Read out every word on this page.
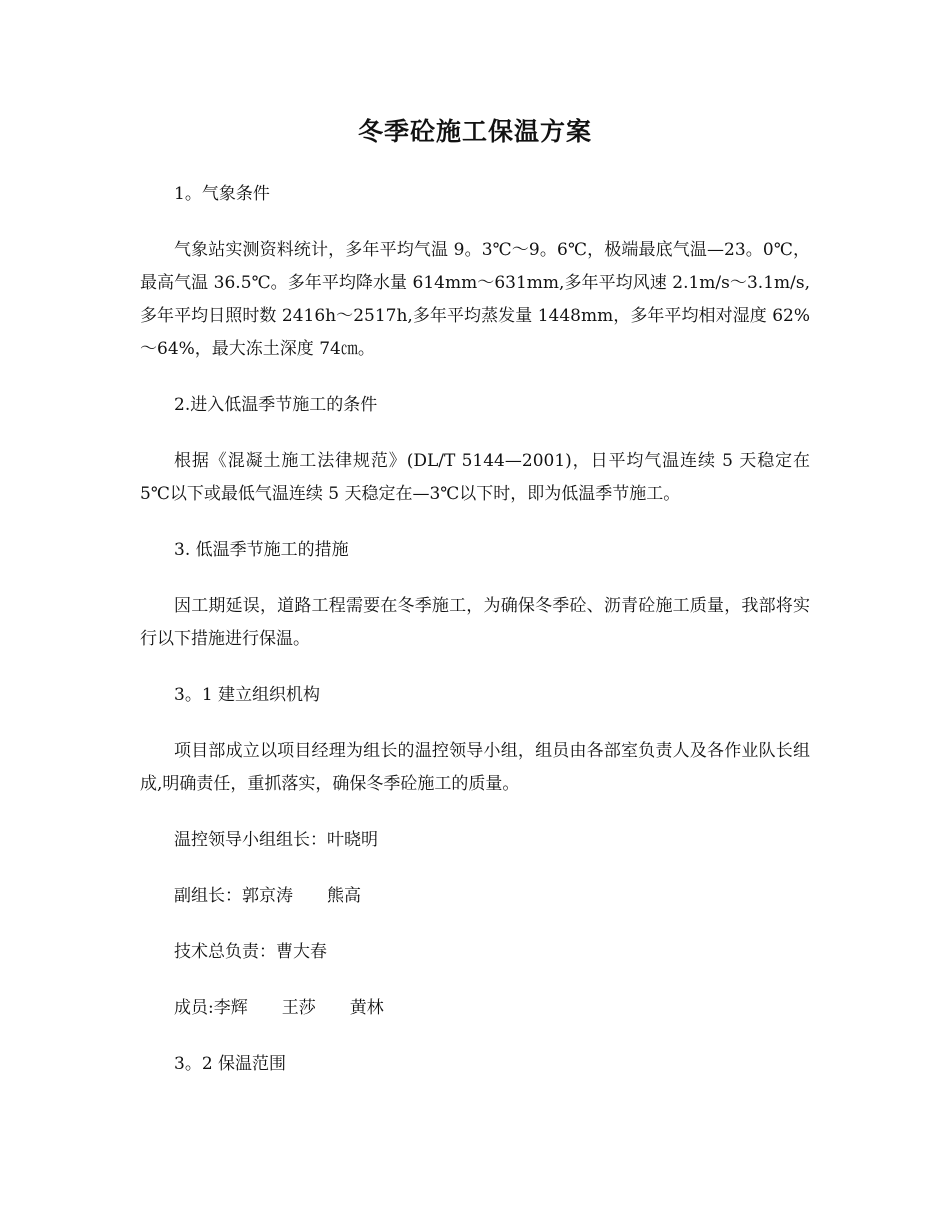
冬季砼施工保温方案

1。气象条件

气象站实测资料统计，多年平均气温 9。3℃～9。6℃，极端最底气温—23。0℃，最高气温 36.5℃。多年平均降水量 614mm～631mm,多年平均风速 2.1m/s～3.1m/s,多年平均日照时数 2416h～2517h,多年平均蒸发量 1448mm，多年平均相对湿度 62%～64%，最大冻土深度 74㎝。

2.进入低温季节施工的条件

根据《混凝土施工法律规范》(DL/T 5144—2001)，日平均气温连续 5 天稳定在 5℃以下或最低气温连续 5 天稳定在—3℃以下时，即为低温季节施工。

3. 低温季节施工的措施

因工期延误，道路工程需要在冬季施工，为确保冬季砼、沥青砼施工质量，我部将实行以下措施进行保温。

3。1 建立组织机构

项目部成立以项目经理为组长的温控领导小组，组员由各部室负责人及各作业队长组成,明确责任，重抓落实，确保冬季砼施工的质量。

温控领导小组组长：叶晓明

副组长：郭京涛　　熊高

技术总负责：曹大春

成员:李辉　　王莎　　黄林

3。2 保温范围
